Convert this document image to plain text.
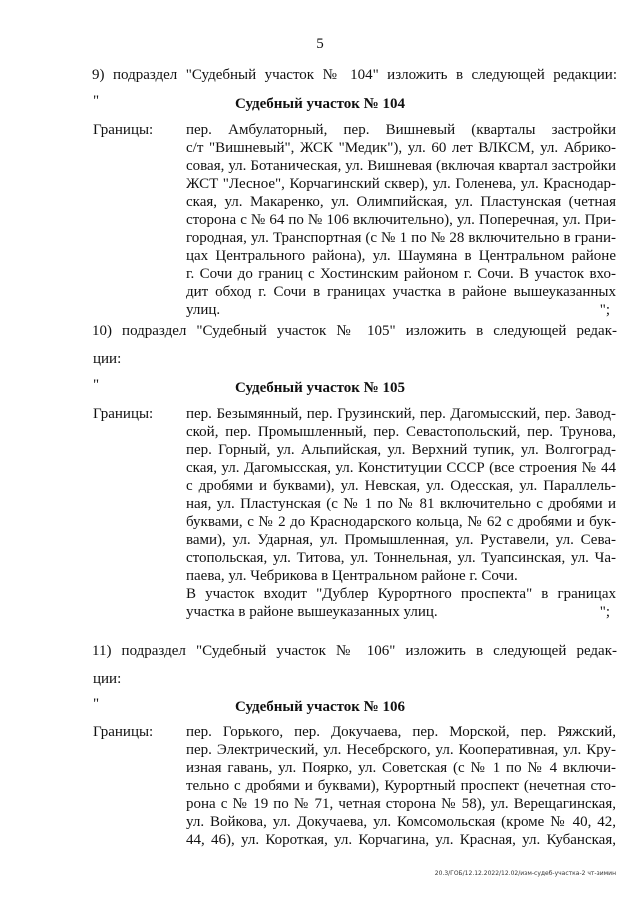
5
9) подраздел "Судебный участок № 104" изложить в следующей редакции:
"	Судебный участок № 104
Границы: пер. Амбулаторный, пер. Вишневый (кварталы застройки
с/т "Вишневый", ЖСК "Медик"), ул. 60 лет ВЛКСМ, ул. Абрико-
совая, ул. Ботаническая, ул. Вишневая (включая квартал застройки
ЖСТ "Лесное", Корчагинский сквер), ул. Голенева, ул. Краснодар-
ская, ул. Макаренко, ул. Олимпийская, ул. Пластунская (четная
сторона с № 64 по № 106 включительно), ул. Поперечная, ул. При-
городная, ул. Транспортная (с № 1 по № 28 включительно в грани-
цах Центрального района), ул. Шаумяна в Центральном районе
г. Сочи до границ с Хостинским районом г. Сочи. В участок вхо-
дит обход г. Сочи в границах участка в районе вышеуказанных
улиц.	";
10) подраздел "Судебный участок № 105" изложить в следующей редак-
ции:
"	Судебный участок № 105
Границы: пер. Безымянный, пер. Грузинский, пер. Дагомысский, пер. Завод-
ской, пер. Промышленный, пер. Севастопольский, пер. Трунова,
пер. Горный, ул. Альпийская, ул. Верхний тупик, ул. Волгоград-
ская, ул. Дагомысская, ул. Конституции СССР (все строения № 44
с дробями и буквами), ул. Невская, ул. Одесская, ул. Параллель-
ная, ул. Пластунская (с № 1 по № 81 включительно с дробями и
буквами, с № 2 до Краснодарского кольца, № 62 с дробями и бук-
вами), ул. Ударная, ул. Промышленная, ул. Руставели, ул. Сева-
стопольская, ул. Титова, ул. Тоннельная, ул. Туапсинская, ул. Ча-
паева, ул. Чебрикова в Центральном районе г. Сочи.
В участок входит "Дублер Курортного проспекта" в границах
участка в районе вышеуказанных улиц.	";
11) подраздел "Судебный участок № 106" изложить в следующей редак-
ции:
"	Судебный участок № 106
Границы: пер. Горького, пер. Докучаева, пер. Морской, пер. Ряжский,
пер. Электрический, ул. Несебрского, ул. Кооперативная, ул. Кру-
изная гавань, ул. Поярко, ул. Советская (с № 1 по № 4 включи-
тельно с дробями и буквами), Курортный проспект (нечетная сто-
рона с № 19 по № 71, четная сторона № 58), ул. Верещагинская,
ул. Войкова, ул. Докучаева, ул. Комсомольская (кроме № 40, 42,
44, 46), ул. Короткая, ул. Корчагина, ул. Красная, ул. Кубанская,
20.3/ГОБ/12.12.2022/12.02/изм-судеб-участка-2 чт-зимин
